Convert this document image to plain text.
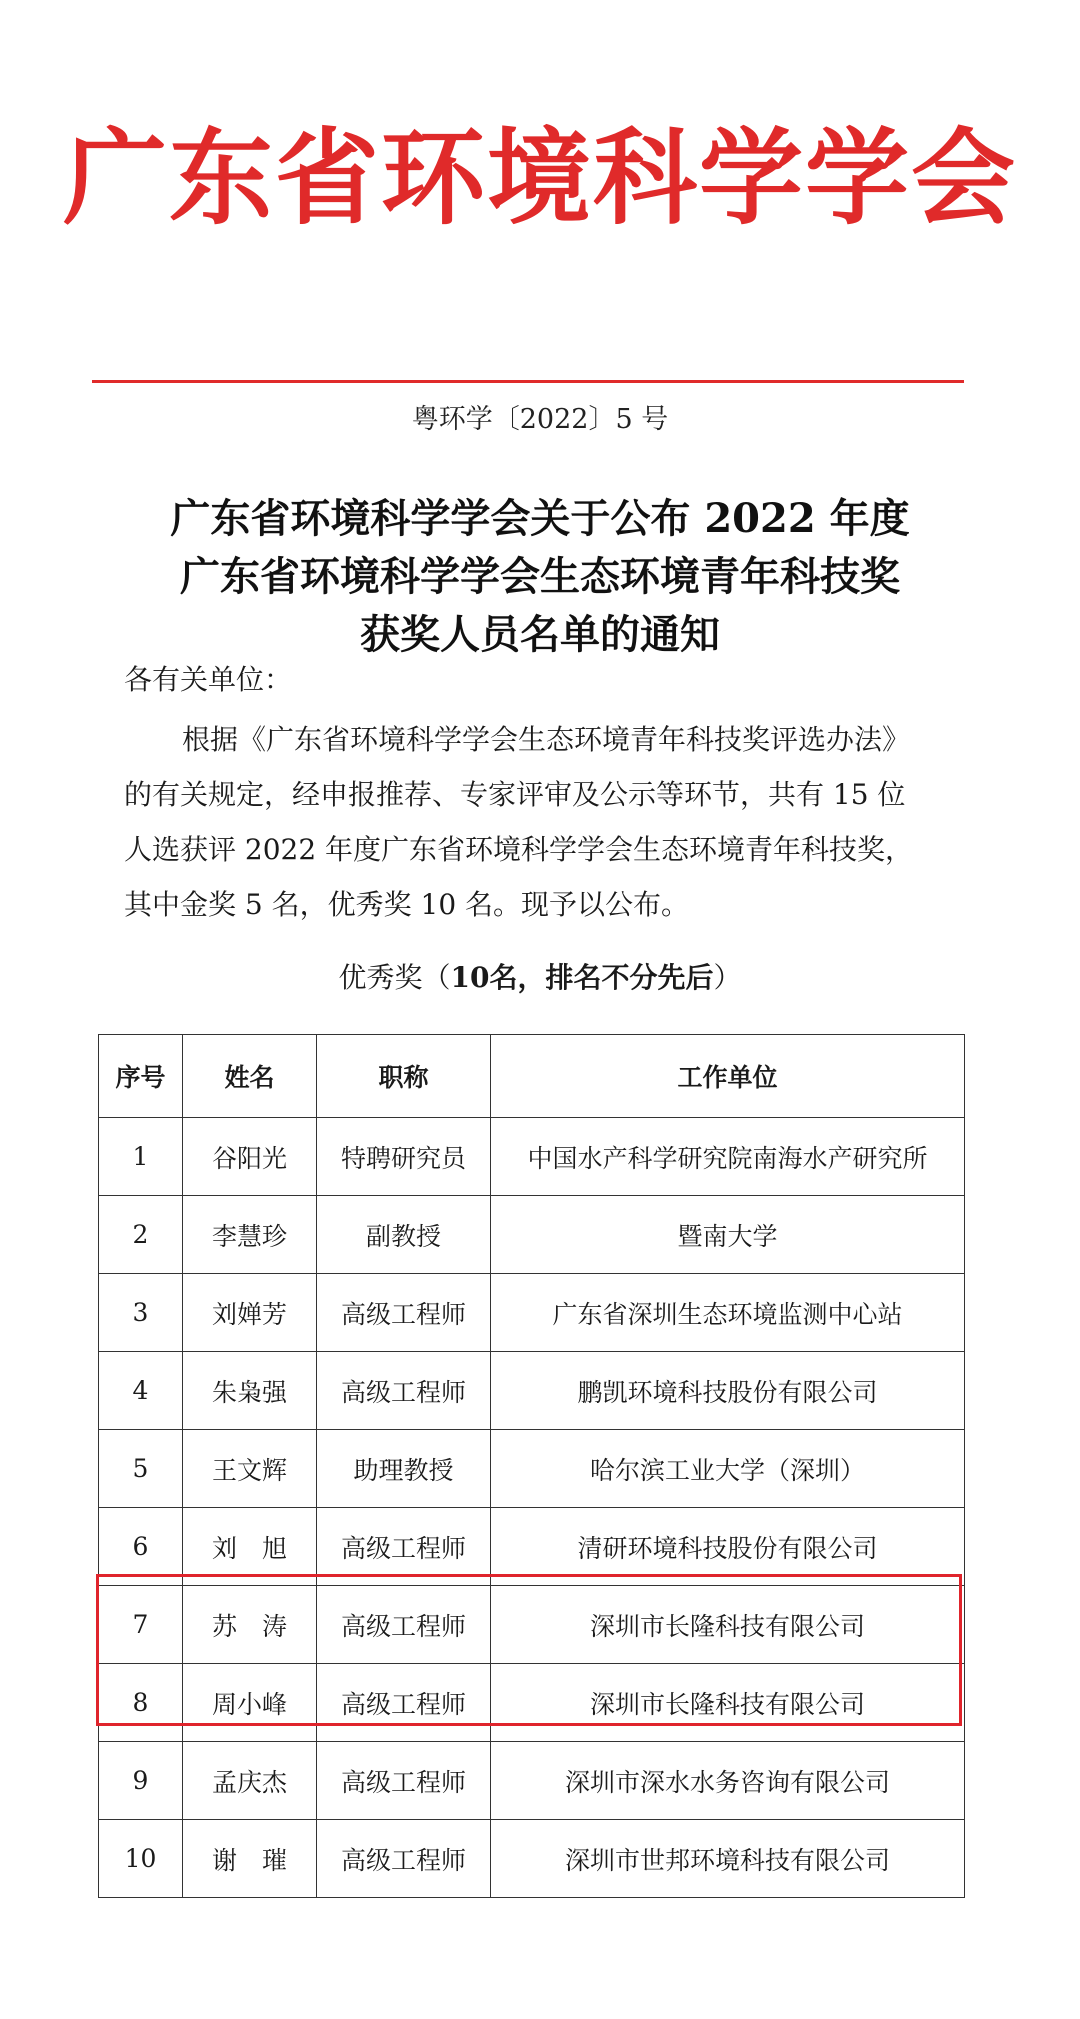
广东省环境科学学会
粤环学〔2022〕5 号
广东省环境科学学会关于公布 2022 年度
广东省环境科学学会生态环境青年科技奖
获奖人员名单的通知
各有关单位：
根据《广东省环境科学学会生态环境青年科技奖评选办法》
的有关规定，经申报推荐、专家评审及公示等环节，共有 15 位
人选获评 2022 年度广东省环境科学学会生态环境青年科技奖，
其中金奖 5 名，优秀奖 10 名。现予以公布。
优秀奖（10名，排名不分先后）
序号	姓名	职称	工作单位
1	谷阳光	特聘研究员	中国水产科学研究院南海水产研究所
2	李慧珍	副教授	暨南大学
3	刘婵芳	高级工程师	广东省深圳生态环境监测中心站
4	朱枭强	高级工程师	鹏凯环境科技股份有限公司
5	王文辉	助理教授	哈尔滨工业大学（深圳）
6	刘　旭	高级工程师	清研环境科技股份有限公司
7	苏　涛	高级工程师	深圳市长隆科技有限公司
8	周小峰	高级工程师	深圳市长隆科技有限公司
9	孟庆杰	高级工程师	深圳市深水水务咨询有限公司
10	谢　璀	高级工程师	深圳市世邦环境科技有限公司
